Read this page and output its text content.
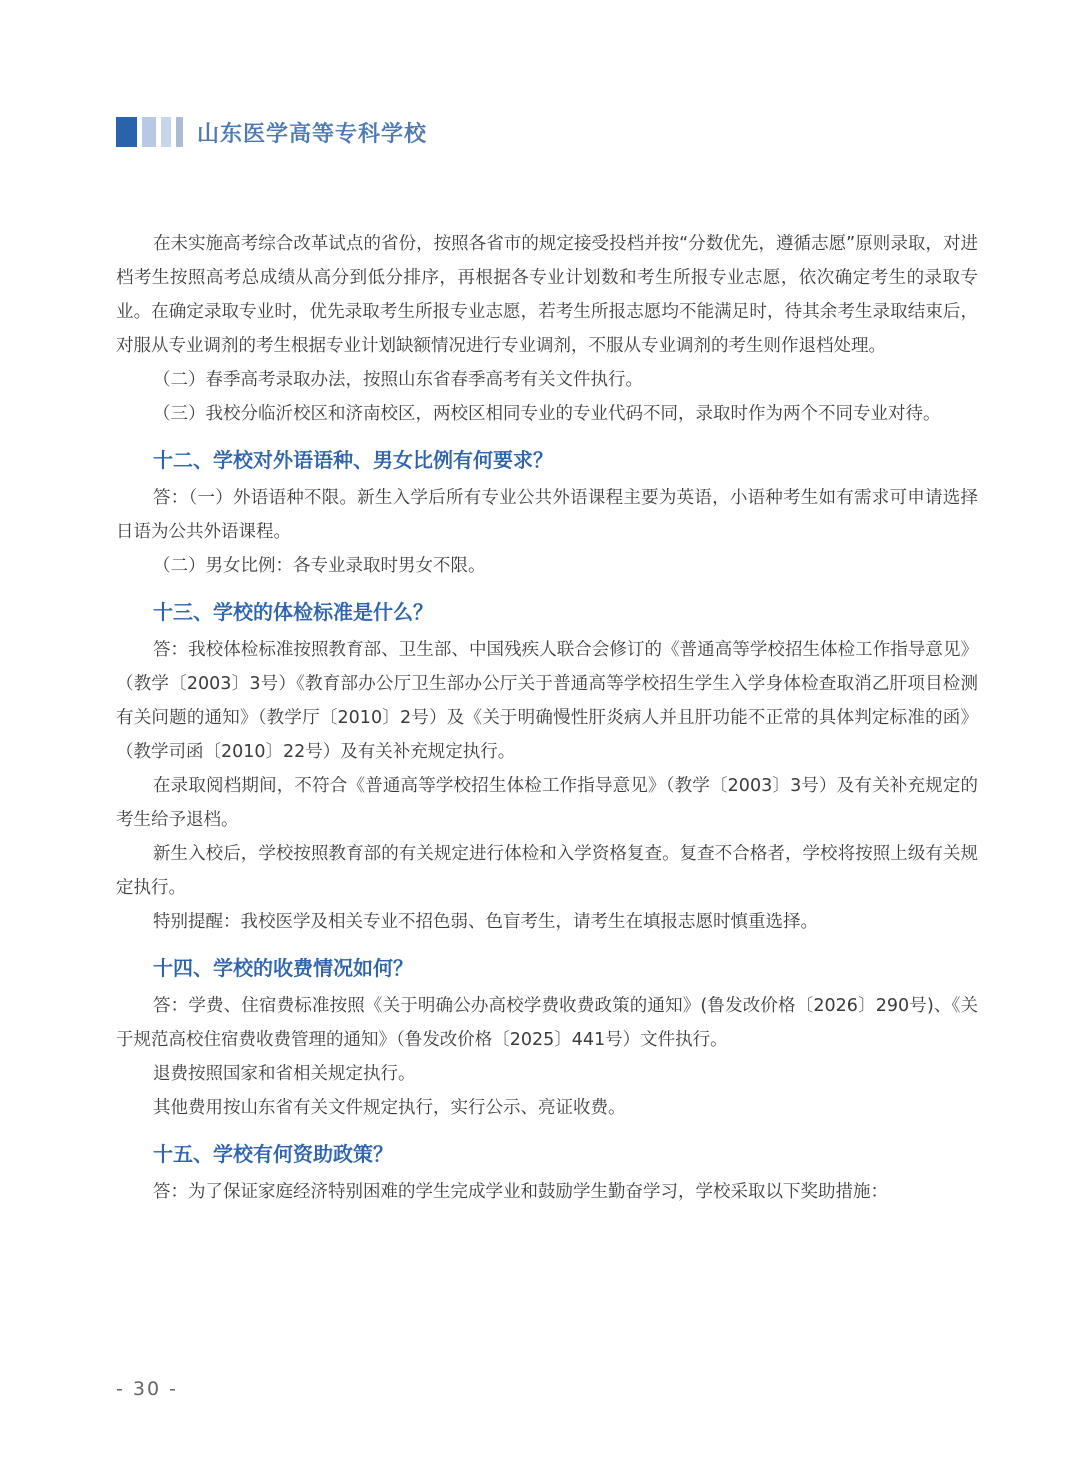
山东医学高等专科学校

在未实施高考综合改革试点的省份，按照各省市的规定接受投档并按“分数优先，遵循志愿”原则录取，对进档考生按照高考总成绩从高分到低分排序，再根据各专业计划数和考生所报专业志愿，依次确定考生的录取专业。在确定录取专业时，优先录取考生所报专业志愿，若考生所报志愿均不能满足时，待其余考生录取结束后，对服从专业调剂的考生根据专业计划缺额情况进行专业调剂，不服从专业调剂的考生则作退档处理。

（二）春季高考录取办法，按照山东省春季高考有关文件执行。

（三）我校分临沂校区和济南校区，两校区相同专业的专业代码不同，录取时作为两个不同专业对待。

十二、学校对外语语种、男女比例有何要求？

答：（一）外语语种不限。新生入学后所有专业公共外语课程主要为英语，小语种考生如有需求可申请选择日语为公共外语课程。

（二）男女比例：各专业录取时男女不限。

十三、学校的体检标准是什么？

答：我校体检标准按照教育部、卫生部、中国残疾人联合会修订的《普通高等学校招生体检工作指导意见》（教学〔2003〕3号）《教育部办公厅卫生部办公厅关于普通高等学校招生学生入学身体检查取消乙肝项目检测有关问题的通知》（教学厅〔2010〕2号）及《关于明确慢性肝炎病人并且肝功能不正常的具体判定标准的函》（教学司函〔2010〕22号）及有关补充规定执行。

在录取阅档期间，不符合《普通高等学校招生体检工作指导意见》（教学〔2003〕3号）及有关补充规定的考生给予退档。

新生入校后，学校按照教育部的有关规定进行体检和入学资格复查。复查不合格者，学校将按照上级有关规定执行。

特别提醒：我校医学及相关专业不招色弱、色盲考生，请考生在填报志愿时慎重选择。

十四、学校的收费情况如何？

答：学费、住宿费标准按照《关于明确公办高校学费收费政策的通知》(鲁发改价格〔2026〕290号)、《关于规范高校住宿费收费管理的通知》（鲁发改价格〔2025〕441号）文件执行。

退费按照国家和省相关规定执行。

其他费用按山东省有关文件规定执行，实行公示、亮证收费。

十五、学校有何资助政策？

答：为了保证家庭经济特别困难的学生完成学业和鼓励学生勤奋学习，学校采取以下奖助措施：

- 30 -
